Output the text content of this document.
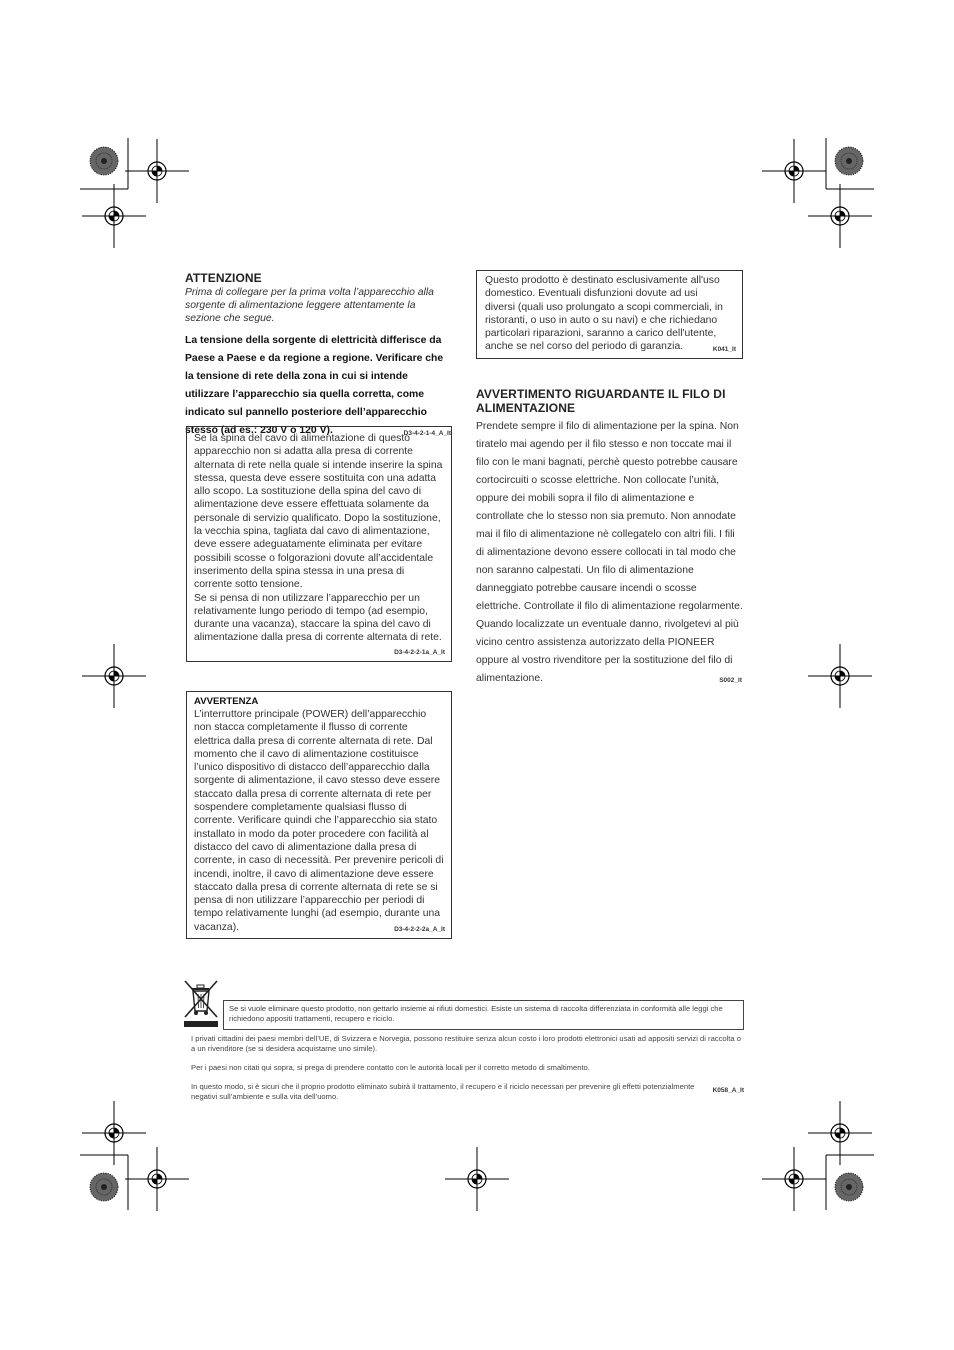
ATTENZIONE
Prima di collegare per la prima volta l’apparecchio alla sorgente di alimentazione leggere attentamente la sezione che segue.
La tensione della sorgente di elettricità differisce da Paese a Paese e da regione a regione. Verificare che la tensione di rete della zona in cui si intende utilizzare l’apparecchio sia quella corretta, come indicato sul pannello posteriore dell’apparecchio stesso (ad es.: 230 V o 120 V).	D3-4-2-1-4_A_It
Se la spina del cavo di alimentazione di questo apparecchio non si adatta alla presa di corrente alternata di rete nella quale si intende inserire la spina stessa, questa deve essere sostituita con una adatta allo scopo. La sostituzione della spina del cavo di alimentazione deve essere effettuata solamente da personale di servizio qualificato. Dopo la sostituzione, la vecchia spina, tagliata dal cavo di alimentazione, deve essere adeguatamente eliminata per evitare possibili scosse o folgorazioni dovute all’accidentale inserimento della spina stessa in una presa di corrente sotto tensione.
Se si pensa di non utilizzare l’apparecchio per un relativamente lungo periodo di tempo (ad esempio, durante una vacanza), staccare la spina del cavo di alimentazione dalla presa di corrente alternata di rete.
D3-4-2-2-1a_A_It
AVVERTENZA
L’interruttore principale (POWER) dell’apparecchio non stacca completamente il flusso di corrente elettrica dalla presa di corrente alternata di rete. Dal momento che il cavo di alimentazione costituisce l’unico dispositivo di distacco dell’apparecchio dalla sorgente di alimentazione, il cavo stesso deve essere staccato dalla presa di corrente alternata di rete per sospendere completamente qualsiasi flusso di corrente. Verificare quindi che l’apparecchio sia stato installato in modo da poter procedere con facilità al distacco del cavo di alimentazione dalla presa di corrente, in caso di necessità. Per prevenire pericoli di incendi, inoltre, il cavo di alimentazione deve essere staccato dalla presa di corrente alternata di rete se si pensa di non utilizzare l’apparecchio per periodi di tempo relativamente lunghi (ad esempio, durante una vacanza).	D3-4-2-2-2a_A_It
Questo prodotto è destinato esclusivamente all'uso domestico. Eventuali disfunzioni dovute ad usi diversi (quali uso prolungato a scopi commerciali, in ristoranti, o uso in auto o su navi) e che richiedano particolari riparazioni, saranno a carico dell'utente, anche se nel corso del periodo di garanzia.	K041_It
AVVERTIMENTO RIGUARDANTE IL FILO DI ALIMENTAZIONE
Prendete sempre il filo di alimentazione per la spina. Non tiratelo mai agendo per il filo stesso e non toccate mai il filo con le mani bagnati, perchè questo potrebbe causare cortocircuiti o scosse elettriche. Non collocate l’unità, oppure dei mobili sopra il filo di alimentazione e controllate che lo stesso non sia premuto. Non annodate mai il filo di alimentazione nè collegatelo con altri fili. I fili di alimentazione devono essere collocati in tal modo che non saranno calpestati. Un filo di alimentazione danneggiato potrebbe causare incendi o scosse elettriche. Controllate il filo di alimentazione regolarmente. Quando localizzate un eventuale danno, rivolgetevi al più vicino centro assistenza autorizzato della PIONEER oppure al vostro rivenditore per la sostituzione del filo di alimentazione.	S002_It
Se si vuole eliminare questo prodotto, non gettarlo insieme ai rifiuti domestici. Esiste un sistema di raccolta differenziata in conformità alle leggi che richiedono appositi trattamenti, recupero e riciclo.
I privati cittadini dei paesi membri dell’UE, di Svizzera e Norvegia, possono restituire senza alcun costo i loro prodotti elettronici usati ad appositi servizi di raccolta o a un rivenditore (se si desidera acquistarne uno simile).
Per i paesi non citati qui sopra, si prega di prendere contatto con le autorità locali per il corretto metodo di smaltimento.
In questo modo, si è sicuri che il proprio prodotto eliminato subirà il trattamento, il recupero e il riciclo necessari per prevenire gli effetti potenzialmente negativi sull’ambiente e sulla vita dell’uomo.
K058_A_It
